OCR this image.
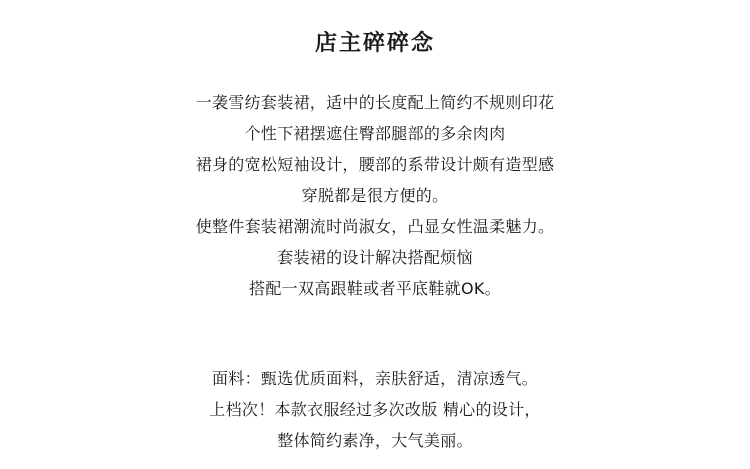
店主碎碎念
一袭雪纺套装裙，适中的长度配上简约不规则印花
个性下裙摆遮住臀部腿部的多余肉肉
裙身的宽松短袖设计，腰部的系带设计颇有造型感
穿脱都是很方便的。
使整件套装裙潮流时尚淑女，凸显女性温柔魅力。
套装裙的设计解决搭配烦恼
搭配一双高跟鞋或者平底鞋就OK。
面料：甄选优质面料，亲肤舒适，清凉透气。
上档次！本款衣服经过多次改版 精心的设计，
整体简约素净，大气美丽。
